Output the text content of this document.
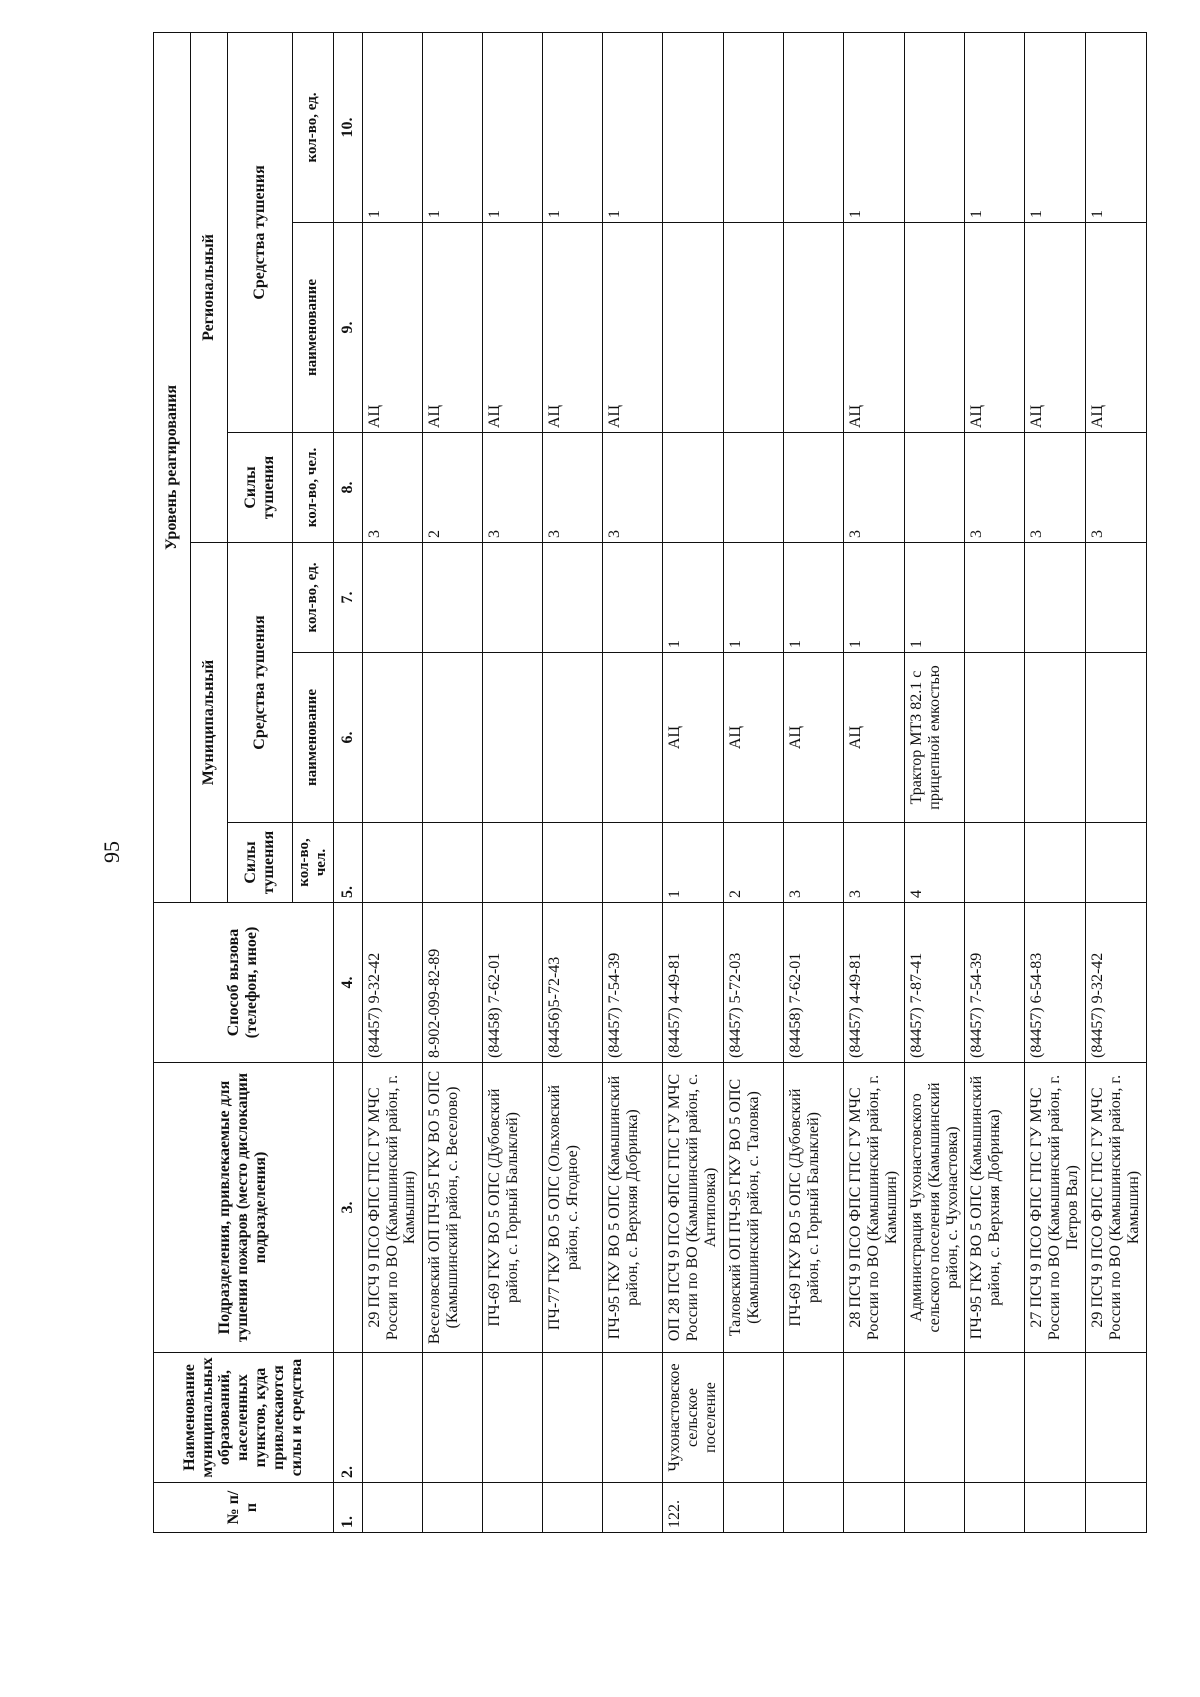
95
№ п/п	Наименование муниципальных образований, населенных пунктов, куда привлекаются силы и средства	Подразделения, привлекаемые для тушения пожаров (место дислокации подразделения)	Способ вызова (телефон, иное)	Уровень реагирования					
				Муниципальный			Региональный		
				Силы тушения	Средства тушения		Силы тушения	Средства тушения	
				кол-во, чел.	наименование	кол-во, ед.	кол-во, чел.	наименование	кол-во, ед.
1.	2.	3.	4.	5.	6.	7.	8.	9.	10.
		29 ПСЧ 9 ПСО ФПС ГПС ГУ МЧС России по ВО (Камышинский район, г. Камышин)	(84457) 9-32-42				3	АЦ	1
		Веселовский ОП ПЧ-95 ГКУ ВО 5 ОПС (Камышинский район, с. Веселово)	8-902-099-82-89				2	АЦ	1
		ПЧ-69 ГКУ ВО 5 ОПС (Дубовский район, с. Горный Балыклей)	(84458) 7-62-01				3	АЦ	1
		ПЧ-77 ГКУ ВО 5 ОПС (Ольховский район, с. Ягодное)	(84456)5-72-43				3	АЦ	1
		ПЧ-95 ГКУ ВО 5 ОПС (Камышинский район, с. Верхняя Добринка)	(84457) 7-54-39				3	АЦ	1
122.	Чухонастовское сельское поселение	ОП 28 ПСЧ 9 ПСО ФПС ГПС ГУ МЧС России по ВО (Камышинский район, с. Антиповка)	(84457) 4-49-81	1	АЦ	1			
		Таловский ОП ПЧ-95 ГКУ ВО 5 ОПС (Камышинский район, с. Таловка)	(84457) 5-72-03	2	АЦ	1			
		ПЧ-69 ГКУ ВО 5 ОПС (Дубовский район, с. Горный Балыклей)	(84458) 7-62-01	3	АЦ	1			
		28 ПСЧ 9 ПСО ФПС ГПС ГУ МЧС России по ВО (Камышинский район, г. Камышин)	(84457) 4-49-81	3	АЦ	1	3	АЦ	1
		Администрация Чухонастовского сельского поселения (Камышинский район, с. Чухонастовка)	(84457) 7-87-41	4	Трактор МТЗ 82.1 с прицепной емкостью	1			
		ПЧ-95 ГКУ ВО 5 ОПС (Камышинский район, с. Верхняя Добринка)	(84457) 7-54-39				3	АЦ	1
		27 ПСЧ 9 ПСО ФПС ГПС ГУ МЧС России по ВО (Камышинский район, г. Петров Вал)	(84457) 6-54-83				3	АЦ	1
		29 ПСЧ 9 ПСО ФПС ГПС ГУ МЧС России по ВО (Камышинский район, г. Камышин)	(84457) 9-32-42				3	АЦ	1
